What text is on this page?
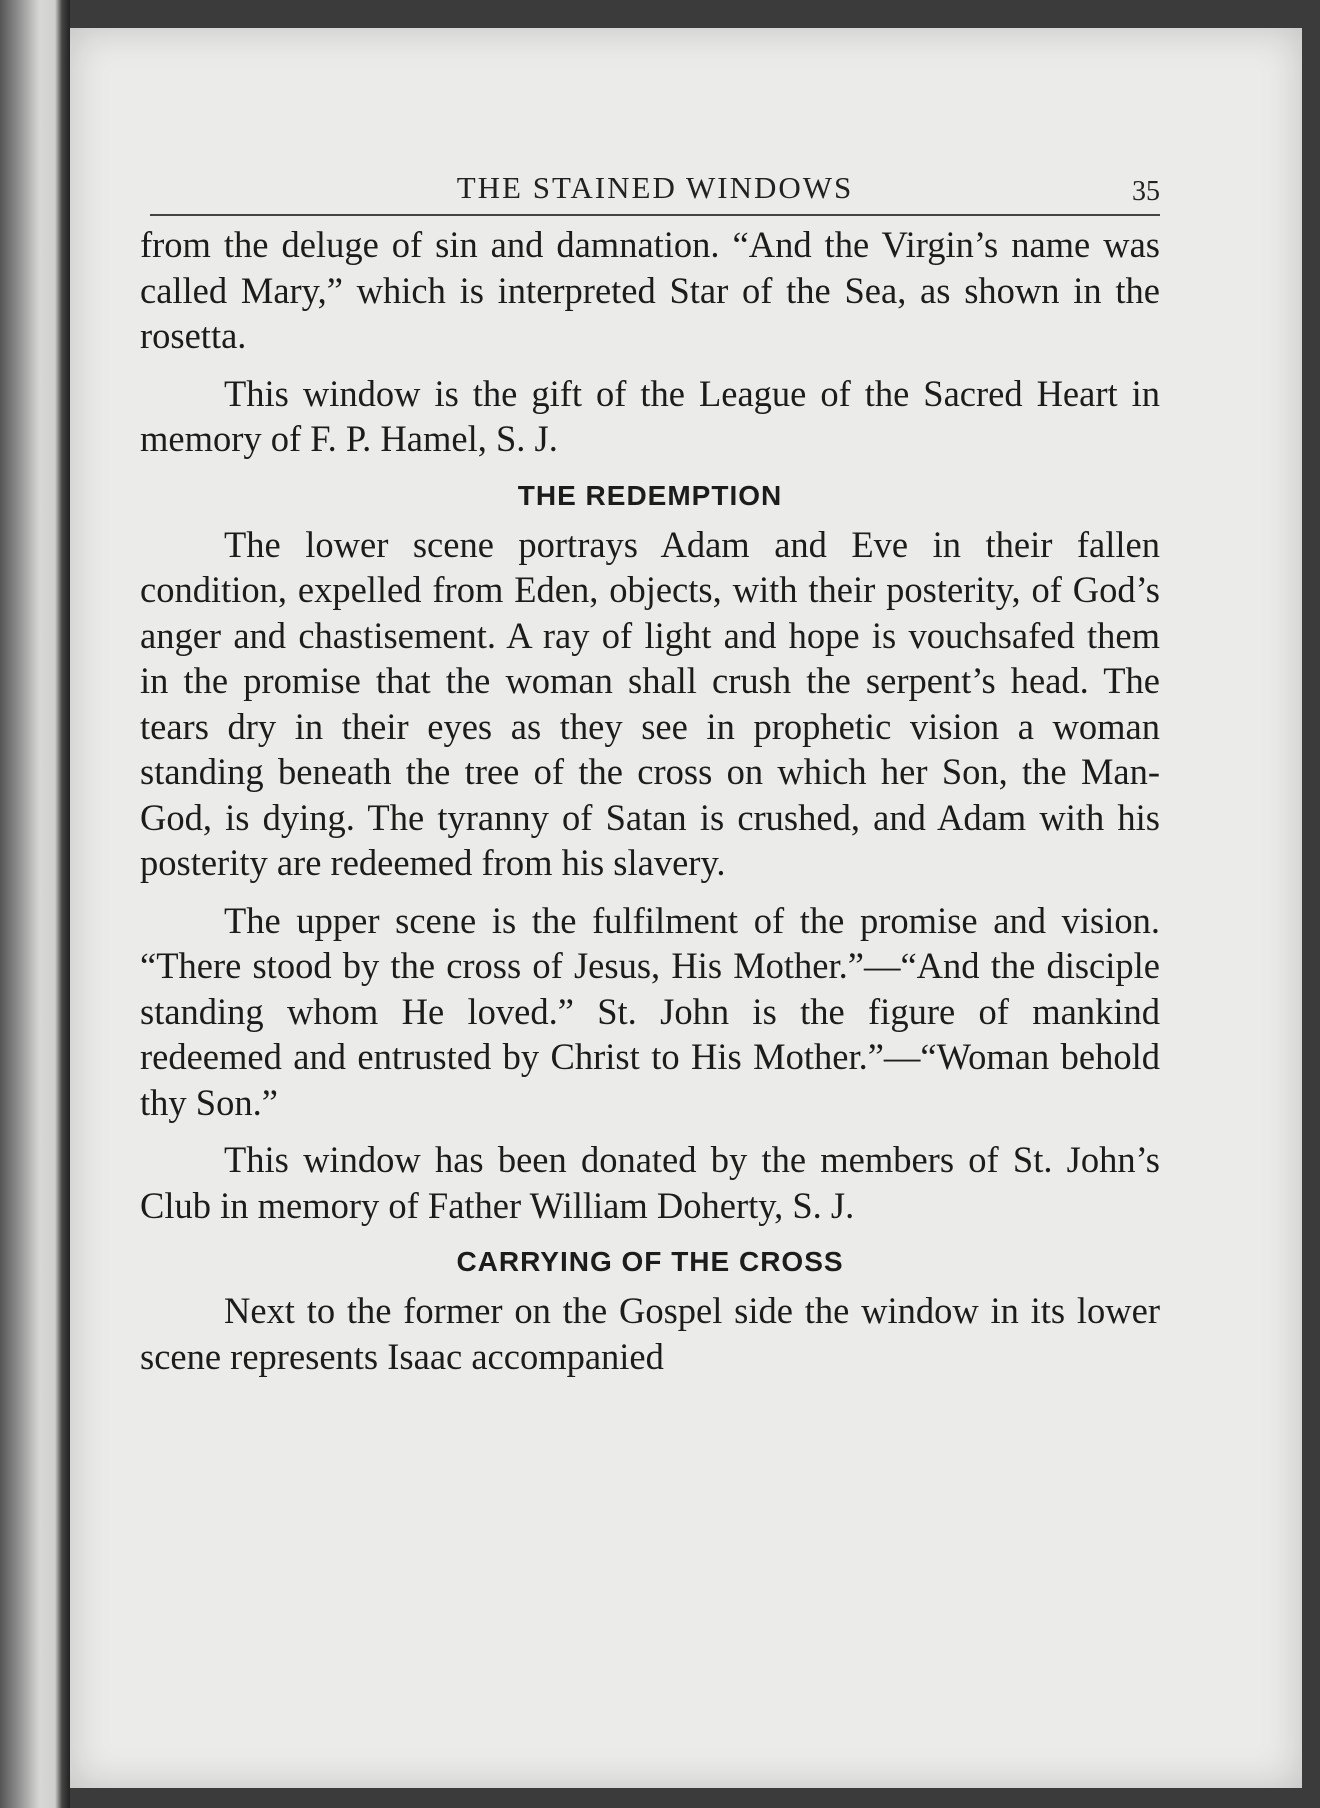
THE STAINED WINDOWS	35

from the deluge of sin and damnation. “And the Virgin’s name was called Mary,” which is interpreted Star of the Sea, as shown in the rosetta.

This window is the gift of the League of the Sacred Heart in memory of F. P. Hamel, S. J.

THE REDEMPTION

The lower scene portrays Adam and Eve in their fallen condition, expelled from Eden, objects, with their posterity, of God’s anger and chastisement. A ray of light and hope is vouchsafed them in the promise that the woman shall crush the serpent’s head. The tears dry in their eyes as they see in prophetic vision a woman standing beneath the tree of the cross on which her Son, the Man-God, is dying. The tyranny of Satan is crushed, and Adam with his posterity are redeemed from his slavery.

The upper scene is the fulfilment of the promise and vision. “There stood by the cross of Jesus, His Mother.”—“And the disciple standing whom He loved.” St. John is the figure of mankind redeemed and entrusted by Christ to His Mother.”—“Woman behold thy Son.”

This window has been donated by the members of St. John’s Club in memory of Father William Doherty, S. J.

CARRYING OF THE CROSS

Next to the former on the Gospel side the window in its lower scene represents Isaac accompanied
